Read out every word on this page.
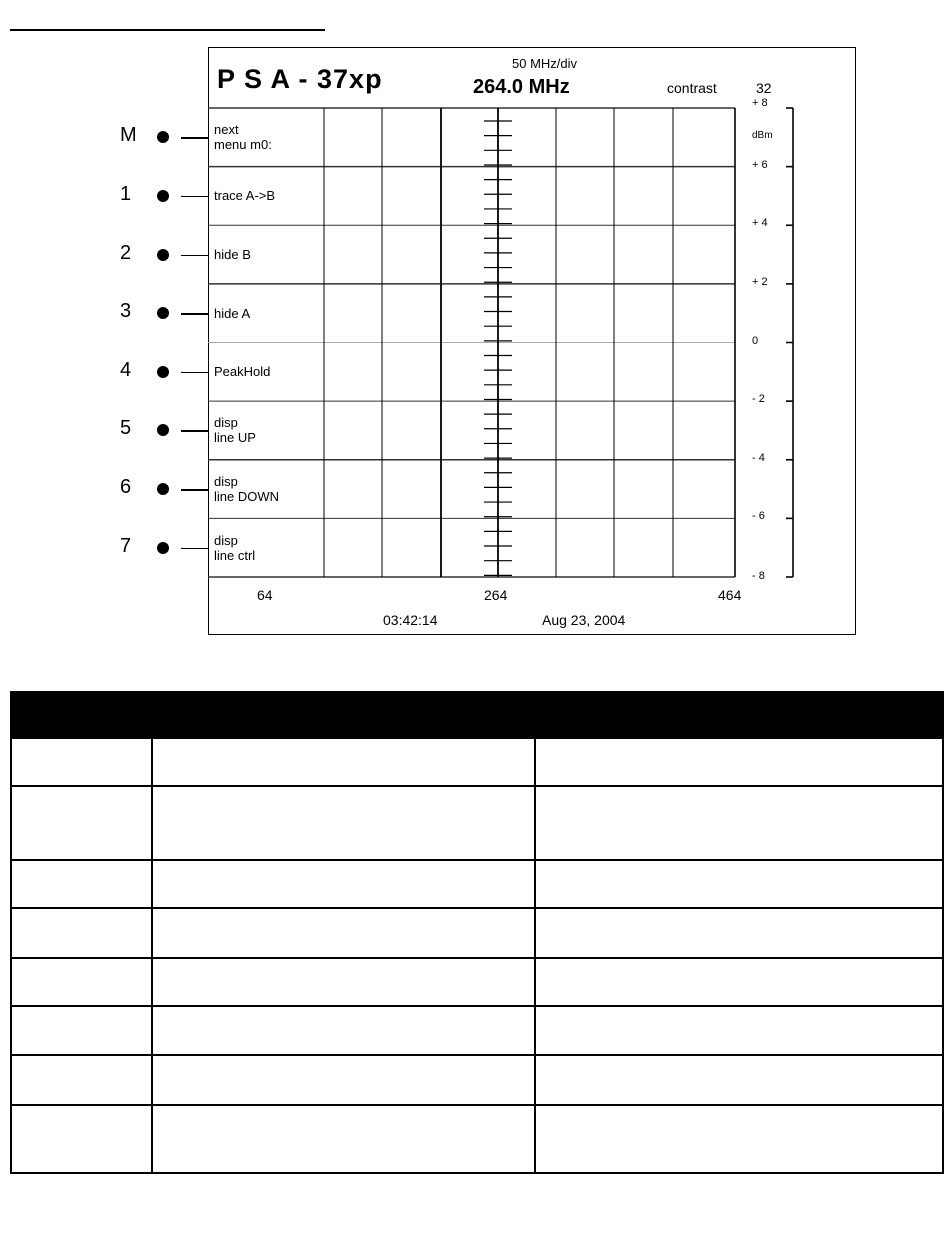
P S A - 37xp
50 MHz/div
264.0 MHz	contrast	32
M	next
menu m0:
1	trace A->B
2	hide B
3	hide A
4	PeakHold
5	disp
line UP
6	disp
line DOWN
7	disp
line ctrl
+ 8
+ 6
+ 4
+ 2
0
- 2
- 4
- 6
- 8
64	264	464
03:42:14	Aug 23, 2004
dBm
